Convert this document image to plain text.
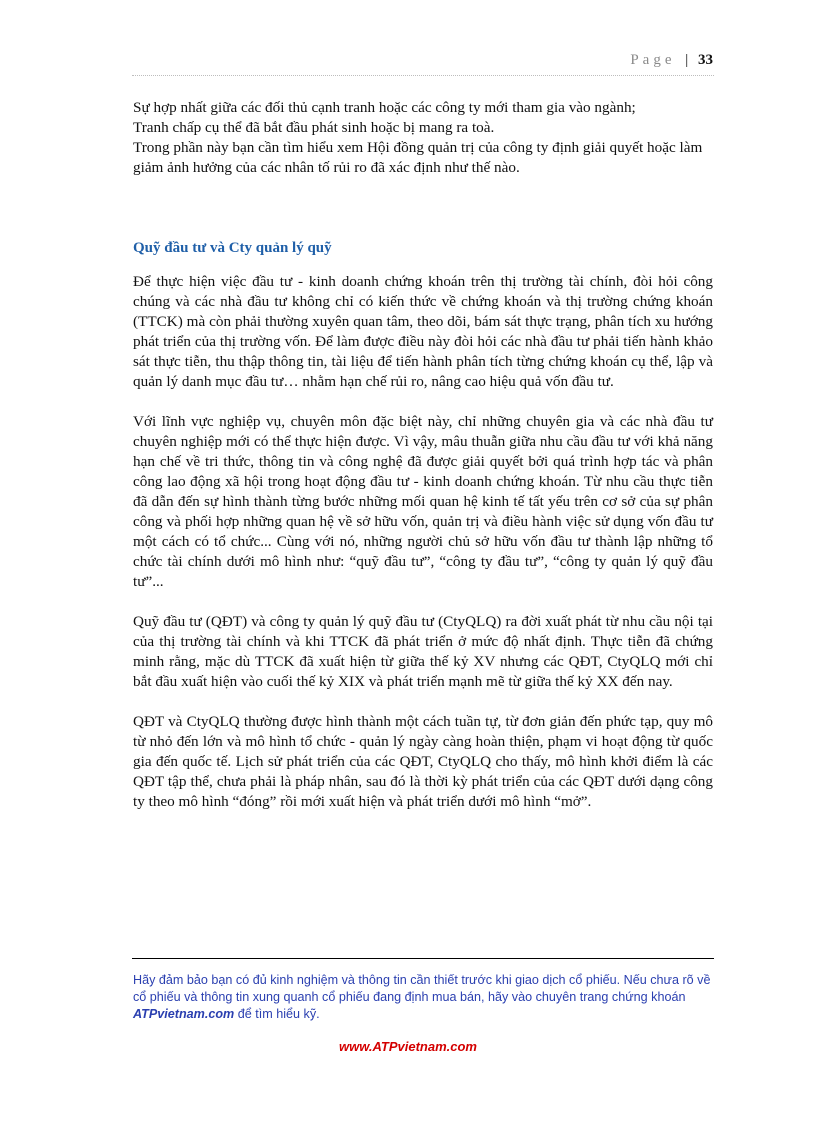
Page | 33

Sự hợp nhất giữa các đối thủ cạnh tranh hoặc các công ty mới tham gia vào ngành;

Tranh chấp cụ thể đã bắt đầu phát sinh hoặc bị mang ra toà.

Trong phần này bạn cần tìm hiểu xem Hội đồng quản trị của công ty định giải quyết hoặc làm giảm ảnh hưởng của các nhân tố rủi ro đã xác định như thế nào.

Quỹ đầu tư và Cty quản lý quỹ

Để thực hiện việc đầu tư - kinh doanh chứng khoán trên thị trường tài chính, đòi hỏi công chúng và các nhà đầu tư không chỉ có kiến thức về chứng khoán và thị trường chứng khoán (TTCK) mà còn phải thường xuyên quan tâm, theo dõi, bám sát thực trạng, phân tích xu hướng phát triển của thị trường vốn. Để làm được điều này đòi hỏi các nhà đầu tư phải tiến hành khảo sát thực tiễn, thu thập thông tin, tài liệu để tiến hành phân tích từng chứng khoán cụ thể, lập và quản lý danh mục đầu tư… nhằm hạn chế rủi ro, nâng cao hiệu quả vốn đầu tư.

Với lĩnh vực nghiệp vụ, chuyên môn đặc biệt này, chỉ những chuyên gia và các nhà đầu tư chuyên nghiệp mới có thể thực hiện được. Vì vậy, mâu thuẫn giữa nhu cầu đầu tư với khả năng hạn chế về tri thức, thông tin và công nghệ đã được giải quyết bởi quá trình hợp tác và phân công lao động xã hội trong hoạt động đầu tư - kinh doanh chứng khoán. Từ nhu cầu thực tiễn đã dẫn đến sự hình thành từng bước những mối quan hệ kinh tế tất yếu trên cơ sở của sự phân công và phối hợp những quan hệ về sở hữu vốn, quản trị và điều hành việc sử dụng vốn đầu tư một cách có tổ chức... Cùng với nó, những người chủ sở hữu vốn đầu tư thành lập những tổ chức tài chính dưới mô hình như: “quỹ đầu tư”, “công ty đầu tư”, “công ty quản lý quỹ đầu tư”...

Quỹ đầu tư (QĐT) và công ty quản lý quỹ đầu tư (CtyQLQ) ra đời xuất phát từ nhu cầu nội tại của thị trường tài chính và khi TTCK đã phát triển ở mức độ nhất định. Thực tiễn đã chứng minh rằng, mặc dù TTCK đã xuất hiện từ giữa thế kỷ XV nhưng các QĐT, CtyQLQ mới chỉ bắt đầu xuất hiện vào cuối thế kỷ XIX và phát triển mạnh mẽ từ giữa thế kỷ XX đến nay.

QĐT và CtyQLQ thường được hình thành một cách tuần tự, từ đơn giản đến phức tạp, quy mô từ nhỏ đến lớn và mô hình tổ chức - quản lý ngày càng hoàn thiện, phạm vi hoạt động từ quốc gia đến quốc tế. Lịch sử phát triển của các QĐT, CtyQLQ cho thấy, mô hình khởi điểm là các QĐT tập thể, chưa phải là pháp nhân, sau đó là thời kỳ phát triển của các QĐT dưới dạng công ty theo mô hình “đóng” rồi mới xuất hiện và phát triển dưới mô hình “mở”.

Hãy đảm bảo bạn có đủ kinh nghiệm và thông tin cần thiết trước khi giao dịch cổ phiếu. Nếu chưa rõ về cổ phiếu và thông tin xung quanh cổ phiếu đang định mua bán, hãy vào chuyên trang chứng khoán ATPvietnam.com để tìm hiểu kỹ.
www.ATPvietnam.com
